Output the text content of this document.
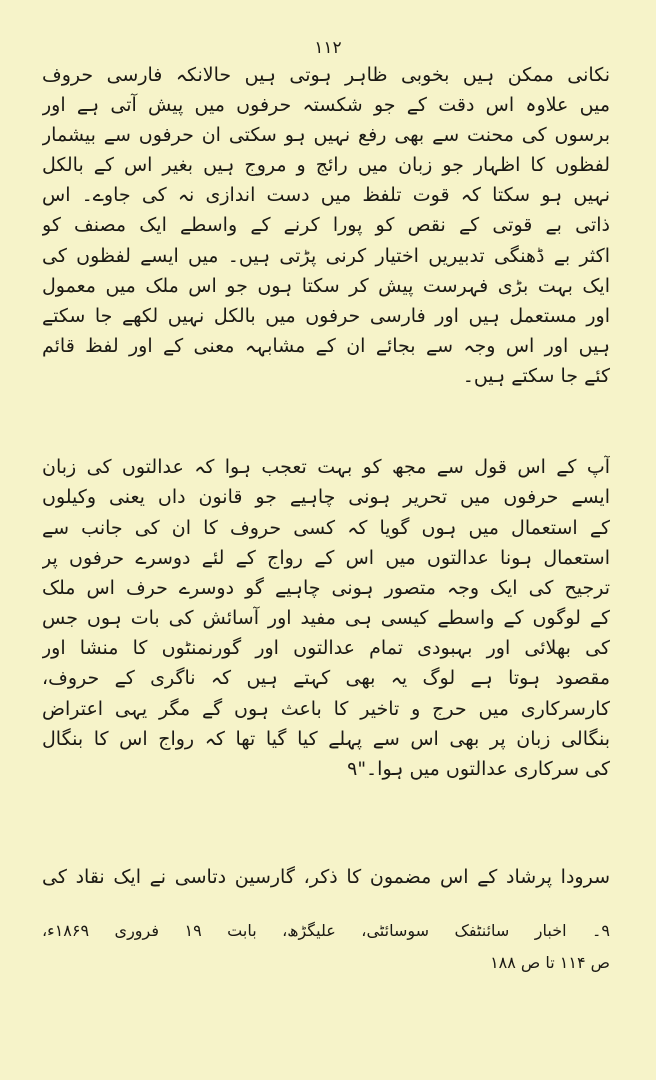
۱۱۲
نکانی ممکن ہیں بخوبی ظاہر ہوتی ہیں حالانکہ فارسی حروف
میں علاوہ اس دقت کے جو شکستہ حرفوں میں پیش آتی ہے اور
برسوں کی محنت سے بھی رفع نہیں ہو سکتی ان حرفوں سے بیشمار
لفظوں کا اظہار جو زبان میں رائج و مروج ہیں بغیر اس کے بالکل
نہیں ہو سکتا کہ قوت تلفظ میں دست اندازی نہ کی جاوے۔ اس
ذاتی بے قوتی کے نقص کو پورا کرنے کے واسطے ایک مصنف کو
اکثر بے ڈھنگی تدبیریں اختیار کرنی پڑتی ہیں۔ میں ایسے لفظوں کی
ایک بہت بڑی فہرست پیش کر سکتا ہوں جو اس ملک میں معمول
اور مستعمل ہیں اور فارسی حرفوں میں بالکل نہیں لکھے جا سکتے
ہیں اور اس وجہ سے بجائے ان کے مشابہہ معنی کے اور لفظ قائم
کئے جا سکتے ہیں۔
آپ کے اس قول سے مجھ کو بہت تعجب ہوا کہ عدالتوں کی زبان
ایسے حرفوں میں تحریر ہونی چاہیے جو قانون داں یعنی وکیلوں
کے استعمال میں ہوں گویا کہ کسی حروف کا ان کی جانب سے
استعمال ہونا عدالتوں میں اس کے رواج کے لئے دوسرے حرفوں پر
ترجیح کی ایک وجہ متصور ہونی چاہیے گو دوسرے حرف اس ملک
کے لوگوں کے واسطے کیسی ہی مفید اور آسائش کی بات ہوں جس
کی بھلائی اور بہبودی تمام عدالتوں اور گورنمنٹوں کا منشا اور
مقصود ہوتا ہے لوگ یہ بھی کہتے ہیں کہ ناگری کے حروف،
کارسرکاری میں حرج و تاخیر کا باعث ہوں گے مگر یہی اعتراض
بنگالی زبان پر بھی اس سے پہلے کیا گیا تھا کہ رواج اس کا بنگال
کی سرکاری عدالتوں میں ہوا۔"۹
سرودا پرشاد کے اس مضمون کا ذکر، گارسین دتاسی نے ایک نقاد کی
۹۔ اخبار سائنٹفک سوسائٹی، علیگڑھ، بابت ۱۹ فروری ۱۸۶۹ء،
ص ۱۱۴ تا ص ۱۸۸
